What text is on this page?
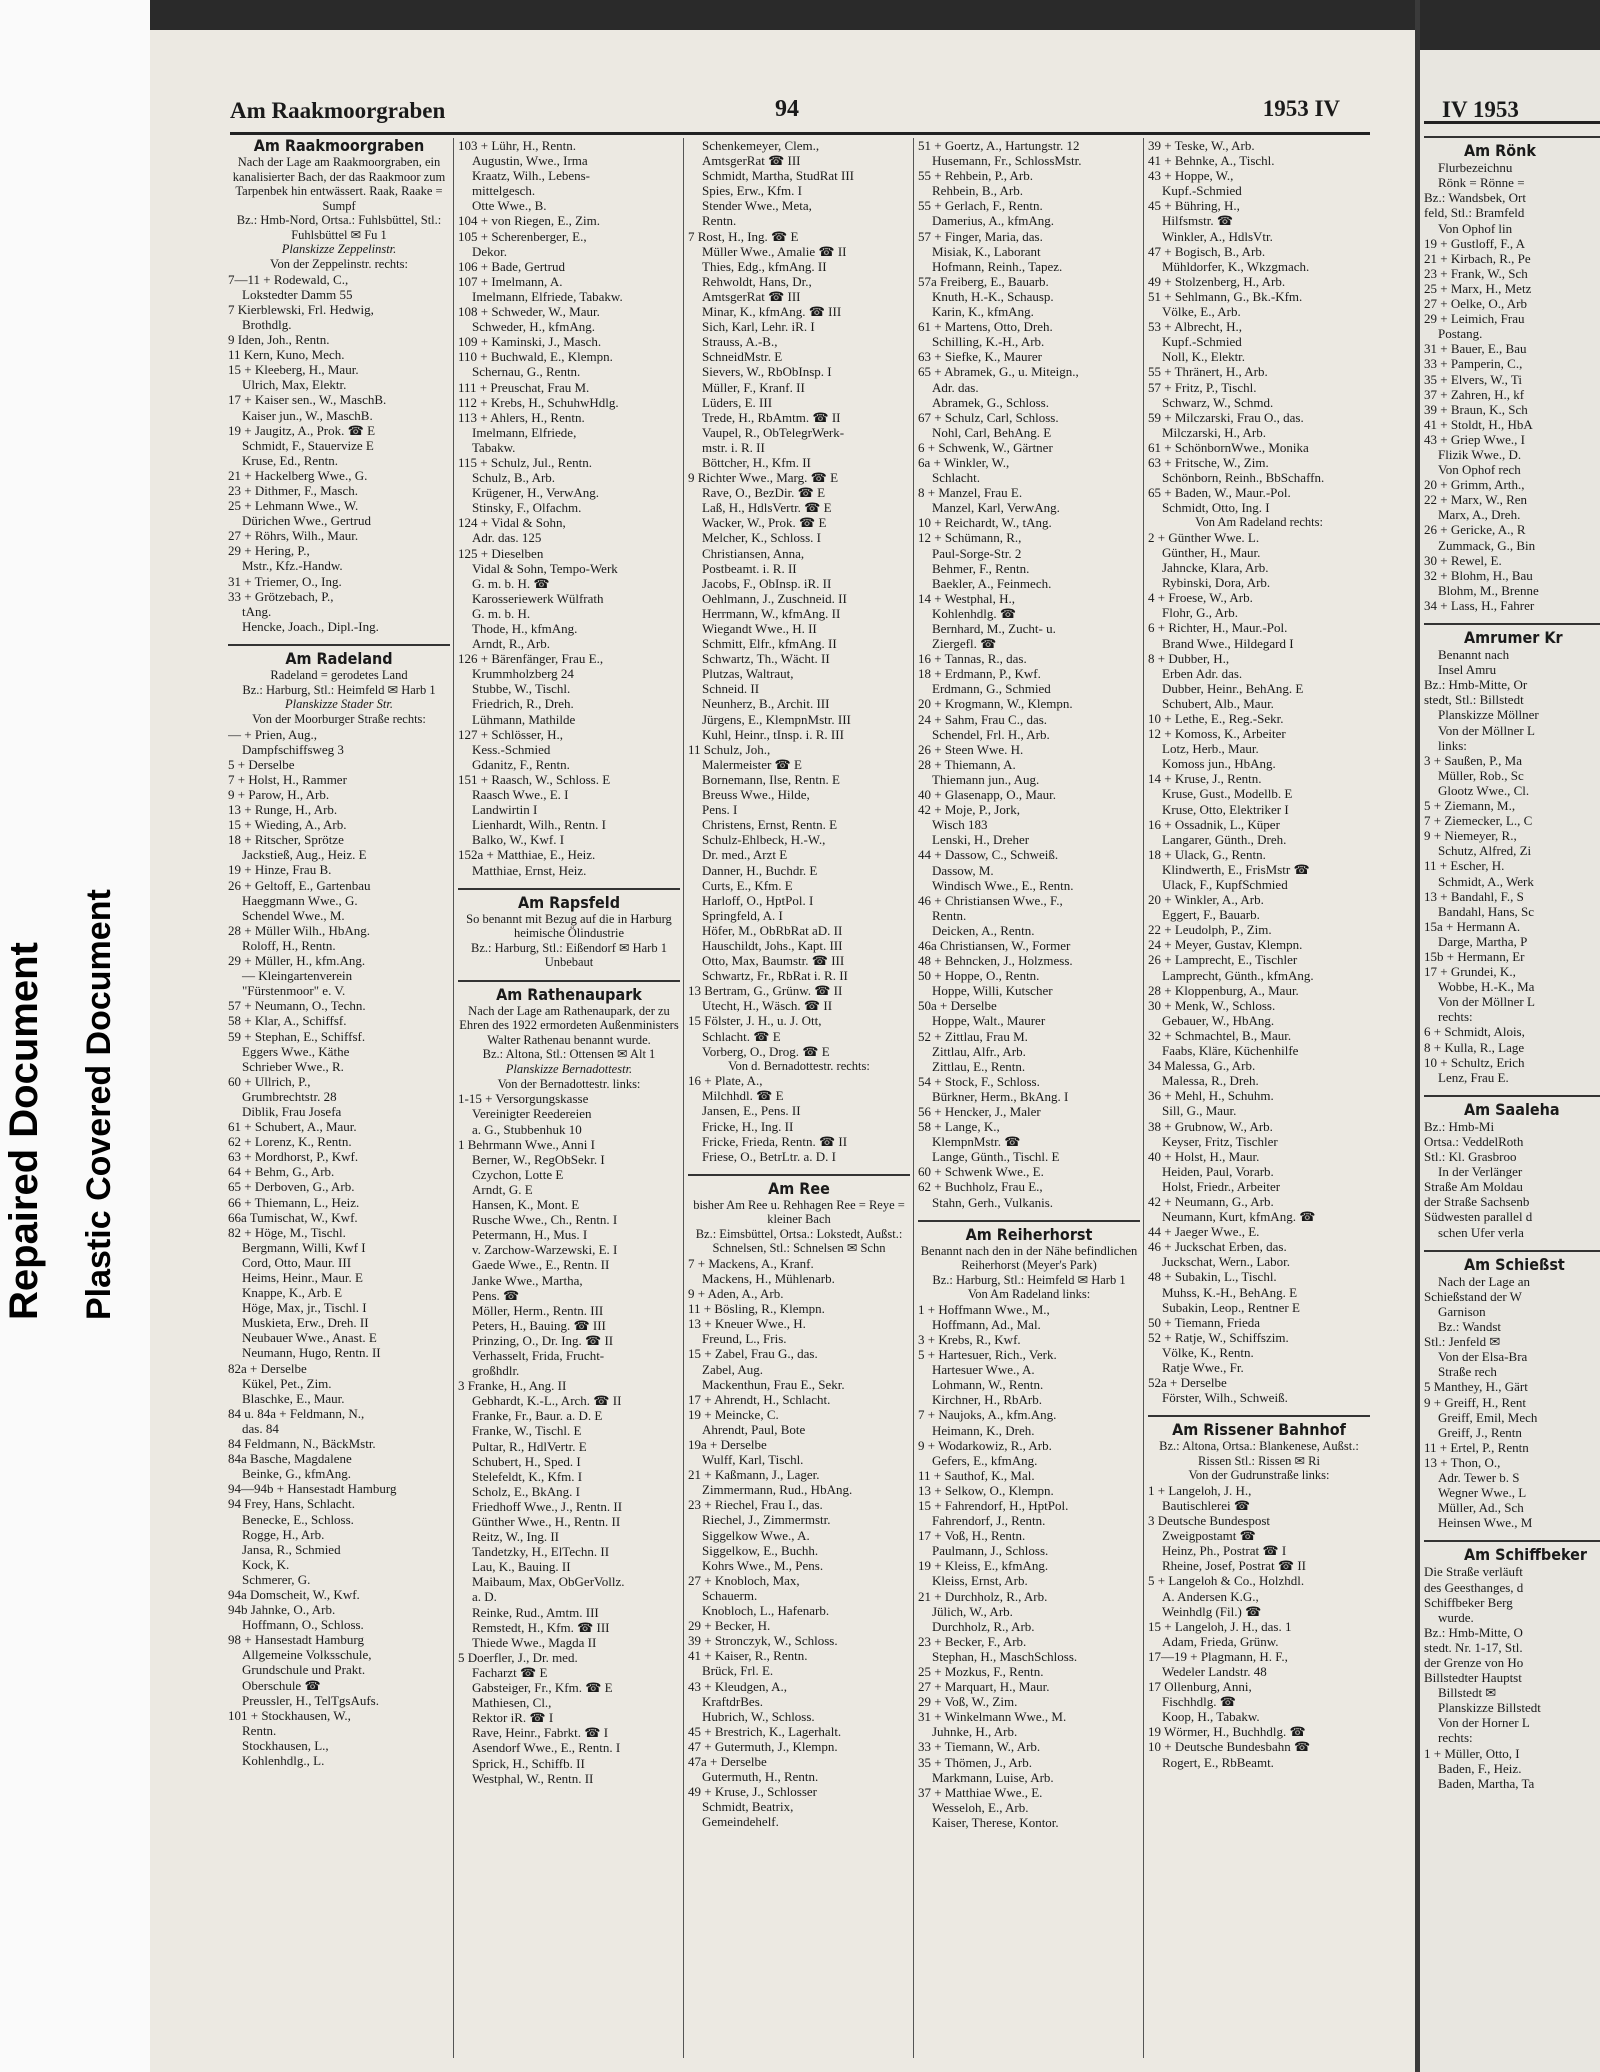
Repaired Document Plastic Covered Document
Am Raakmoorgraben	94	1953 IV
Am Raakmoorgraben
Nach der Lage am Raakmoorgraben, ein kanalisierter Bach, der das Raakmoor zum Tarpenbek hin entwässert. Raak, Raake = Sumpf
Bz.: Hmb-Nord, Ortsa.: Fuhlsbüttel, Stl.: Fuhlsbüttel ✉ Fu 1
Planskizze Zeppelinstr.
Von der Zeppelinstr. rechts:
7—11 + Rodewald, C.,
Lokstedter Damm 55
7 Kierblewski, Frl. Hedwig,
Brothdlg.
9 Iden, Joh., Rentn.
11 Kern, Kuno, Mech.
15 + Kleeberg, H., Maur.
Ulrich, Max, Elektr.
17 + Kaiser sen., W., MaschB.
Kaiser jun., W., MaschB.
19 + Jaugitz, A., Prok. ☎ E
Schmidt, F., Stauervize E
Kruse, Ed., Rentn.
21 + Hackelberg Wwe., G.
23 + Dithmer, F., Masch.
25 + Lehmann Wwe., W.
Dürichen Wwe., Gertrud
27 + Röhrs, Wilh., Maur.
29 + Hering, P.,
Mstr., Kfz.-Handw.
31 + Triemer, O., Ing.
33 + Grötzebach, P.,
tAng.
Hencke, Joach., Dipl.-Ing.
Am Radeland
Radeland = gerodetes Land
Bz.: Harburg, Stl.: Heimfeld ✉ Harb 1
Planskizze Stader Str.
Von der Moorburger Straße rechts:
— + Prien, Aug.,
Dampfschiffsweg 3
5 + Derselbe
7 + Holst, H., Rammer
9 + Parow, H., Arb.
13 + Runge, H., Arb.
15 + Wieding, A., Arb.
18 + Ritscher, Sprötze
Jackstieß, Aug., Heiz. E
19 + Hinze, Frau B.
26 + Geltoff, E., Gartenbau
Haeggmann Wwe., G.
Schendel Wwe., M.
28 + Müller Wilh., HbAng.
Roloff, H., Rentn.
29 + Müller, H., kfm.Ang.
— Kleingartenverein
"Fürstenmoor" e. V.
57 + Neumann, O., Techn.
58 + Klar, A., Schiffsf.
59 + Stephan, E., Schiffsf.
Eggers Wwe., Käthe
Schrieber Wwe., R.
60 + Ullrich, P.,
Grumbrechtstr. 28
Diblik, Frau Josefa
61 + Schubert, A., Maur.
62 + Lorenz, K., Rentn.
63 + Mordhorst, P., Kwf.
64 + Behm, G., Arb.
65 + Derboven, G., Arb.
66 + Thiemann, L., Heiz.
66a Tumischat, W., Kwf.
82 + Höge, M., Tischl.
Bergmann, Willi, Kwf I
Cord, Otto, Maur. III
Heims, Heinr., Maur. E
Knappe, K., Arb. E
Höge, Max, jr., Tischl. I
Muskieta, Erw., Dreh. II
Neubauer Wwe., Anast. E
Neumann, Hugo, Rentn. II
82a + Derselbe
Kükel, Pet., Zim.
Blaschke, E., Maur.
84 u. 84a + Feldmann, N.,
das. 84
84 Feldmann, N., BäckMstr.
84a Basche, Magdalene
Beinke, G., kfmAng.
94—94b + Hansestadt Hamburg
94 Frey, Hans, Schlacht.
Benecke, E., Schloss.
Rogge, H., Arb.
Jansa, R., Schmied
Kock, K.
Schmerer, G.
94a Domscheit, W., Kwf.
94b Jahnke, O., Arb.
Hoffmann, O., Schloss.
98 + Hansestadt Hamburg
Allgemeine Volksschule,
Grundschule und Prakt.
Oberschule ☎
Preussler, H., TelTgsAufs.
101 + Stockhausen, W.,
Rentn.
Stockhausen, L.,
Kohlenhdlg., L.
103 + Lühr, H., Rentn.
Augustin, Wwe., Irma
Kraatz, Wilh., Lebens-
mittelgesch.
Otte Wwe., B.
104 + von Riegen, E., Zim.
105 + Scherenberger, E.,
Dekor.
106 + Bade, Gertrud
107 + Imelmann, A.
Imelmann, Elfriede, Tabakw.
108 + Schweder, W., Maur.
Schweder, H., kfmAng.
109 + Kaminski, J., Masch.
110 + Buchwald, E., Klempn.
Schernau, G., Rentn.
111 + Preuschat, Frau M.
112 + Krebs, H., SchuhwHdlg.
113 + Ahlers, H., Rentn.
Imelmann, Elfriede,
Tabakw.
115 + Schulz, Jul., Rentn.
Schulz, B., Arb.
Krügener, H., VerwAng.
Stinsky, F., Olfachm.
124 + Vidal & Sohn,
Adr. das. 125
125 + Dieselben
Vidal & Sohn, Tempo-Werk
G. m. b. H. ☎
Karosseriewerk Wülfrath
G. m. b. H.
Thode, H., kfmAng.
Arndt, R., Arb.
126 + Bärenfänger, Frau E.,
Krummholzberg 24
Stubbe, W., Tischl.
Friedrich, R., Dreh.
Lühmann, Mathilde
127 + Schlösser, H.,
Kess.-Schmied
Gdanitz, F., Rentn.
151 + Raasch, W., Schloss. E
Raasch Wwe., E. I
Landwirtin I
Lienhardt, Wilh., Rentn. I
Balko, W., Kwf. I
152a + Matthiae, E., Heiz.
Matthiae, Ernst, Heiz.
Am Rapsfeld
So benannt mit Bezug auf die in Harburg heimische Ölindustrie
Bz.: Harburg, Stl.: Eißendorf ✉ Harb 1
Unbebaut
Am Rathenaupark
Nach der Lage am Rathenaupark, der zu Ehren des 1922 ermordeten Außenministers Walter Rathenau benannt wurde.
Bz.: Altona, Stl.: Ottensen ✉ Alt 1
Planskizze Bernadottestr.
Von der Bernadottestr. links:
1-15 + Versorgungskasse
Vereinigter Reedereien
a. G., Stubbenhuk 10
1 Behrmann Wwe., Anni I
Berner, W., RegObSekr. I
Czychon, Lotte E
Arndt, G. E
Hansen, K., Mont. E
Rusche Wwe., Ch., Rentn. I
Petermann, H., Mus. I
v. Zarchow-Warzewski, E. I
Gaede Wwe., E., Rentn. II
Janke Wwe., Martha,
Pens. ☎
Möller, Herm., Rentn. III
Peters, H., Bauing. ☎ III
Prinzing, O., Dr. Ing. ☎ II
Verhasselt, Frida, Frucht-
großhdlr.
3 Franke, H., Ang. II
Gebhardt, K.-L., Arch. ☎ II
Franke, Fr., Baur. a. D. E
Franke, W., Tischl. E
Pultar, R., HdlVertr. E
Schubert, H., Sped. I
Stelefeldt, K., Kfm. I
Scholz, E., BkAng. I
Friedhoff Wwe., J., Rentn. II
Günther Wwe., H., Rentn. II
Reitz, W., Ing. II
Tandetzky, H., ElTechn. II
Lau, K., Bauing. II
Maibaum, Max, ObGerVollz.
a. D.
Reinke, Rud., Amtm. III
Remstedt, H., Kfm. ☎ III
Thiede Wwe., Magda II
5 Doerfler, J., Dr. med.
Facharzt ☎ E
Gabsteiger, Fr., Kfm. ☎ E
Mathiesen, Cl.,
Rektor iR. ☎ I
Rave, Heinr., Fabrkt. ☎ I
Asendorf Wwe., E., Rentn. I
Sprick, H., Schiffb. II
Westphal, W., Rentn. II
Schenkemeyer, Clem.,
AmtsgerRat ☎ III
Schmidt, Martha, StudRat III
Spies, Erw., Kfm. I
Stender Wwe., Meta,
Rentn.
7 Rost, H., Ing. ☎ E
Müller Wwe., Amalie ☎ II
Thies, Edg., kfmAng. II
Rehwoldt, Hans, Dr.,
AmtsgerRat ☎ III
Minar, K., kfmAng. ☎ III
Sich, Karl, Lehr. iR. I
Strauss, A.-B.,
SchneidMstr. E
Sievers, W., RbObInsp. I
Müller, F., Kranf. II
Lüders, E. III
Trede, H., RbAmtm. ☎ II
Vaupel, R., ObTelegrWerk-
mstr. i. R. II
Böttcher, H., Kfm. II
9 Richter Wwe., Marg. ☎ E
Rave, O., BezDir. ☎ E
Laß, H., HdlsVertr. ☎ E
Wacker, W., Prok. ☎ E
Melcher, K., Schloss. I
Christiansen, Anna,
Postbeamt. i. R. II
Jacobs, F., ObInsp. iR. II
Oehlmann, J., Zuschneid. II
Herrmann, W., kfmAng. II
Wiegandt Wwe., H. II
Schmitt, Elfr., kfmAng. II
Schwartz, Th., Wächt. II
Plutzas, Waltraut,
Schneid. II
Neunherz, B., Archit. III
Jürgens, E., KlempnMstr. III
Kuhl, Heinr., tInsp. i. R. III
11 Schulz, Joh.,
Malermeister ☎ E
Bornemann, Ilse, Rentn. E
Breuss Wwe., Hilde,
Pens. I
Christens, Ernst, Rentn. E
Schulz-Ehlbeck, H.-W.,
Dr. med., Arzt E
Danner, H., Buchdr. E
Curts, E., Kfm. E
Harloff, O., HptPol. I
Springfeld, A. I
Höfer, M., ObRbRat aD. II
Hauschildt, Johs., Kapt. III
Otto, Max, Baumstr. ☎ III
Schwartz, Fr., RbRat i. R. II
13 Bertram, G., Grünw. ☎ II
Utecht, H., Wäsch. ☎ II
15 Fölster, J. H., u. J. Ott,
Schlacht. ☎ E
Vorberg, O., Drog. ☎ E
Von d. Bernadottestr. rechts:
16 + Plate, A.,
Milchhdl. ☎ E
Jansen, E., Pens. II
Fricke, H., Ing. II
Fricke, Frieda, Rentn. ☎ II
Friese, O., BetrLtr. a. D. I
Am Ree
bisher Am Ree u. Rehhagen Ree = Reye = kleiner Bach
Bz.: Eimsbüttel, Ortsa.: Lokstedt, Außst.: Schnelsen, Stl.: Schnelsen ✉ Schn
7 + Mackens, A., Kranf.
Mackens, H., Mühlenarb.
9 + Aden, A., Arb.
11 + Bösling, R., Klempn.
13 + Kneuer Wwe., H.
Freund, L., Fris.
15 + Zabel, Frau G., das.
Zabel, Aug.
Mackenthun, Frau E., Sekr.
17 + Ahrendt, H., Schlacht.
19 + Meincke, C.
Ahrendt, Paul, Bote
19a + Derselbe
Wulff, Karl, Tischl.
21 + Kaßmann, J., Lager.
Zimmermann, Rud., HbAng.
23 + Riechel, Frau I., das.
Riechel, J., Zimmermstr.
Siggelkow Wwe., A.
Siggelkow, E., Buchh.
Kohrs Wwe., M., Pens.
27 + Knobloch, Max,
Schauerm.
Knobloch, L., Hafenarb.
29 + Becker, H.
39 + Stronczyk, W., Schloss.
41 + Kaiser, R., Rentn.
Brück, Frl. E.
43 + Kleudgen, A.,
KraftdrBes.
Hubrich, W., Schloss.
45 + Brestrich, K., Lagerhalt.
47 + Gutermuth, J., Klempn.
47a + Derselbe
Gutermuth, H., Rentn.
49 + Kruse, J., Schlosser
Schmidt, Beatrix,
Gemeindehelf.
51 + Goertz, A., Hartungstr. 12
Husemann, Fr., SchlossMstr.
55 + Rehbein, P., Arb.
Rehbein, B., Arb.
55 + Gerlach, F., Rentn.
Damerius, A., kfmAng.
57 + Finger, Maria, das.
Misiak, K., Laborant
Hofmann, Reinh., Tapez.
57a Freiberg, E., Bauarb.
Knuth, H.-K., Schausp.
Karin, K., kfmAng.
61 + Martens, Otto, Dreh.
Schilling, K.-H., Arb.
63 + Siefke, K., Maurer
65 + Abramek, G., u. Miteign.,
Adr. das.
Abramek, G., Schloss.
67 + Schulz, Carl, Schloss.
Nohl, Carl, BehAng. E
6 + Schwenk, W., Gärtner
6a + Winkler, W.,
Schlacht.
8 + Manzel, Frau E.
Manzel, Karl, VerwAng.
10 + Reichardt, W., tAng.
12 + Schümann, R.,
Paul-Sorge-Str. 2
Behmer, F., Rentn.
Baekler, A., Feinmech.
14 + Westphal, H.,
Kohlenhdlg. ☎
Bernhard, M., Zucht- u.
Ziergefl. ☎
16 + Tannas, R., das.
18 + Erdmann, P., Kwf.
Erdmann, G., Schmied
20 + Krogmann, W., Klempn.
24 + Sahm, Frau C., das.
Schendel, Frl. H., Arb.
26 + Steen Wwe. H.
28 + Thiemann, A.
Thiemann jun., Aug.
40 + Glasenapp, O., Maur.
42 + Moje, P., Jork,
Wisch 183
Lenski, H., Dreher
44 + Dassow, C., Schweiß.
Dassow, M.
Windisch Wwe., E., Rentn.
46 + Christiansen Wwe., F.,
Rentn.
Deicken, A., Rentn.
46a Christiansen, W., Former
48 + Behncken, J., Holzmess.
50 + Hoppe, O., Rentn.
Hoppe, Willi, Kutscher
50a + Derselbe
Hoppe, Walt., Maurer
52 + Zittlau, Frau M.
Zittlau, Alfr., Arb.
Zittlau, E., Rentn.
54 + Stock, F., Schloss.
Bürkner, Herm., BkAng. I
56 + Hencker, J., Maler
58 + Lange, K.,
KlempnMstr. ☎
Lange, Günth., Tischl. E
60 + Schwenk Wwe., E.
62 + Buchholz, Frau E.,
Stahn, Gerh., Vulkanis.
Am Reiherhorst
Benannt nach den in der Nähe befindlichen Reiherhorst (Meyer's Park)
Bz.: Harburg, Stl.: Heimfeld ✉ Harb 1
Von Am Radeland links:
1 + Hoffmann Wwe., M.,
Hoffmann, Ad., Mal.
3 + Krebs, R., Kwf.
5 + Hartesuer, Rich., Verk.
Hartesuer Wwe., A.
Lohmann, W., Rentn.
Kirchner, H., RbArb.
7 + Naujoks, A., kfm.Ang.
Heimann, K., Dreh.
9 + Wodarkowiz, R., Arb.
Gefers, E., kfmAng.
11 + Sauthof, K., Mal.
13 + Selkow, O., Klempn.
15 + Fahrendorf, H., HptPol.
Fahrendorf, J., Rentn.
17 + Voß, H., Rentn.
Paulmann, J., Schloss.
19 + Kleiss, E., kfmAng.
Kleiss, Ernst, Arb.
21 + Durchholz, R., Arb.
Jülich, W., Arb.
Durchholz, R., Arb.
23 + Becker, F., Arb.
Stephan, H., MaschSchloss.
25 + Mozkus, F., Rentn.
27 + Marquart, H., Maur.
29 + Voß, W., Zim.
31 + Winkelmann Wwe., M.
Juhnke, H., Arb.
33 + Tiemann, W., Arb.
35 + Thömen, J., Arb.
Markmann, Luise, Arb.
37 + Matthiae Wwe., E.
Wesseloh, E., Arb.
Kaiser, Therese, Kontor.
39 + Teske, W., Arb.
41 + Behnke, A., Tischl.
43 + Hoppe, W.,
Kupf.-Schmied
45 + Bühring, H.,
Hilfsmstr. ☎
Winkler, A., HdlsVtr.
47 + Bogisch, B., Arb.
Mühldorfer, K., Wkzgmach.
49 + Stolzenberg, H., Arb.
51 + Sehlmann, G., Bk.-Kfm.
Völke, E., Arb.
53 + Albrecht, H.,
Kupf.-Schmied
Noll, K., Elektr.
55 + Thränert, H., Arb.
57 + Fritz, P., Tischl.
Schwarz, W., Schmd.
59 + Milczarski, Frau O., das.
Milczarski, H., Arb.
61 + SchönbornWwe., Monika
63 + Fritsche, W., Zim.
Schönborn, Reinh., BbSchaffn.
65 + Baden, W., Maur.-Pol.
Schmidt, Otto, Ing. I
Von Am Radeland rechts:
2 + Günther Wwe. L.
Günther, H., Maur.
Jahncke, Klara, Arb.
Rybinski, Dora, Arb.
4 + Froese, W., Arb.
Flohr, G., Arb.
6 + Richter, H., Maur.-Pol.
Brand Wwe., Hildegard I
8 + Dubber, H.,
Erben Adr. das.
Dubber, Heinr., BehAng. E
Schubert, Alb., Maur.
10 + Lethe, E., Reg.-Sekr.
12 + Komoss, K., Arbeiter
Lotz, Herb., Maur.
Komoss jun., HbAng.
14 + Kruse, J., Rentn.
Kruse, Gust., Modellb. E
Kruse, Otto, Elektriker I
16 + Ossadnik, L., Küper
Langarer, Günth., Dreh.
18 + Ulack, G., Rentn.
Klindwerth, E., FrisMstr ☎
Ulack, F., KupfSchmied
20 + Winkler, A., Arb.
Eggert, F., Bauarb.
22 + Leudolph, P., Zim.
24 + Meyer, Gustav, Klempn.
26 + Lamprecht, E., Tischler
Lamprecht, Günth., kfmAng.
28 + Kloppenburg, A., Maur.
30 + Menk, W., Schloss.
Gebauer, W., HbAng.
32 + Schmachtel, B., Maur.
Faabs, Kläre, Küchenhilfe
34 Malessa, G., Arb.
Malessa, R., Dreh.
36 + Mehl, H., Schuhm.
Sill, G., Maur.
38 + Grubnow, W., Arb.
Keyser, Fritz, Tischler
40 + Holst, H., Maur.
Heiden, Paul, Vorarb.
Holst, Friedr., Arbeiter
42 + Neumann, G., Arb.
Neumann, Kurt, kfmAng. ☎
44 + Jaeger Wwe., E.
46 + Juckschat Erben, das.
Juckschat, Wern., Labor.
48 + Subakin, L., Tischl.
Muhss, K.-H., BehAng. E
Subakin, Leop., Rentner E
50 + Tiemann, Frieda
52 + Ratje, W., Schiffszim.
Völke, K., Rentn.
Ratje Wwe., Fr.
52a + Derselbe
Förster, Wilh., Schweiß.
Am Rissener Bahnhof
Bz.: Altona, Ortsa.: Blankenese, Außst.: Rissen Stl.: Rissen ✉ Ri
Von der Gudrunstraße links:
1 + Langeloh, J. H.,
Bautischlerei ☎
3 Deutsche Bundespost
Zweigpostamt ☎
Heinz, Ph., Postrat ☎ I
Rheine, Josef, Postrat ☎ II
5 + Langeloh & Co., Holzhdl.
A. Andersen K.G.,
Weinhdlg (Fil.) ☎
15 + Langeloh, J. H., das. 1
Adam, Frieda, Grünw.
17—19 + Plagmann, H. F.,
Wedeler Landstr. 48
17 Ollenburg, Anni,
Fischhdlg. ☎
Koop, H., Tabakw.
19 Wörmer, H., Buchhdlg. ☎
10 + Deutsche Bundesbahn ☎
Rogert, E., RbBeamt.
IV 1953
Am Rönk
Flurbezeichnu
Rönk = Rönne =
Bz.: Wandsbek, Ort
feld, Stl.: Bramfeld
Von Ophof lin
19 + Gustloff, F., A
21 + Kirbach, R., Pe
23 + Frank, W., Sch
25 + Marx, H., Metz
27 + Oelke, O., Arb
29 + Leimich, Frau
Postang.
31 + Bauer, E., Bau
33 + Pamperin, C.,
35 + Elvers, W., Ti
37 + Zahren, H., kf
39 + Braun, K., Sch
41 + Stoldt, H., HbA
43 + Griep Wwe., I
Flizik Wwe., D.
Von Ophof rech
20 + Grimm, Arth.,
22 + Marx, W., Ren
Marx, A., Dreh.
26 + Gericke, A., R
Zummack, G., Bin
30 + Rewel, E.
32 + Blohm, H., Bau
Blohm, M., Brenne
34 + Lass, H., Fahrer
Amrumer Kr
Benannt nach
Insel Amru
Bz.: Hmb-Mitte, Or
stedt, Stl.: Billstedt
Planskizze Möllner
Von der Möllner L
links:
3 + Saußen, P., Ma
Müller, Rob., Sc
Glootz Wwe., Cl.
5 + Ziemann, M.,
7 + Ziemecker, L., C
9 + Niemeyer, R.,
Schutz, Alfred, Zi
11 + Escher, H.
Schmidt, A., Werk
13 + Bandahl, F., S
Bandahl, Hans, Sc
15a + Hermann A.
Darge, Martha, P
15b + Hermann, Er
17 + Grundei, K.,
Wobbe, H.-K., Ma
Von der Möllner L
rechts:
6 + Schmidt, Alois,
8 + Kulla, R., Lage
10 + Schultz, Erich
Lenz, Frau E.
Am Saaleha
Bz.: Hmb-Mi
Ortsa.: VeddelRoth
Stl.: Kl. Grasbroo
In der Verlänger
Straße Am Moldau
der Straße Sachsenb
Südwesten parallel d
schen Ufer verla
Am Schießst
Nach der Lage an
Schießstand der W
Garnison
Bz.: Wandst
Stl.: Jenfeld ✉
Von der Elsa-Bra
Straße rech
5 Manthey, H., Gärt
9 + Greiff, H., Rent
Greiff, Emil, Mech
Greiff, J., Rentn
11 + Ertel, P., Rentn
13 + Thon, O.,
Adr. Tewer b. S
Wegner Wwe., L
Müller, Ad., Sch
Heinsen Wwe., M
Am Schiffbeker
Die Straße verläuft
des Geesthanges, d
Schiffbeker Berg
wurde.
Bz.: Hmb-Mitte, O
stedt. Nr. 1-17, Stl.
der Grenze von Ho
Billstedter Hauptst
Billstedt ✉
Planskizze Billstedt
Von der Horner L
rechts:
1 + Müller, Otto, I
Baden, F., Heiz.
Baden, Martha, Ta
